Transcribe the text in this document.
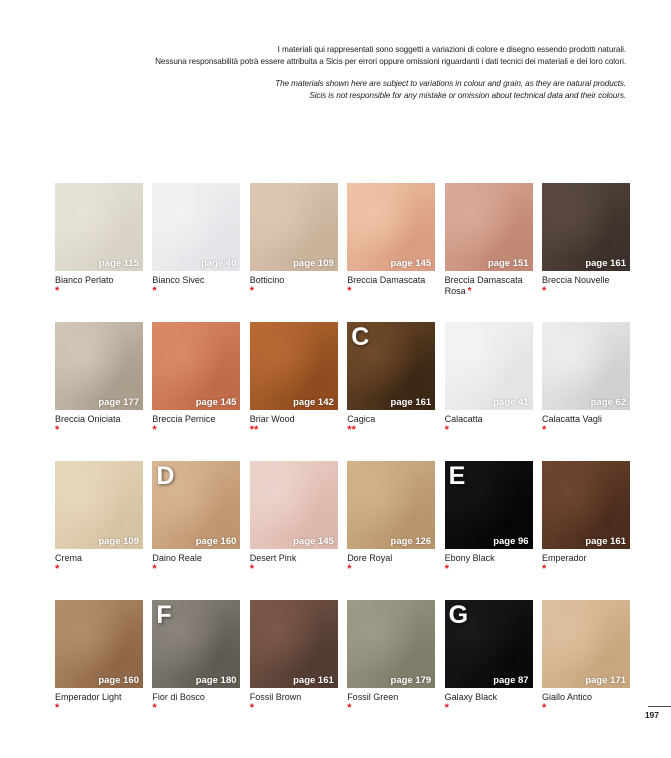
I materiali qui rappresentati sono soggetti a variazioni di colore e disegno essendo prodotti naturali.
Nessuna responsabilità potrà essere attribuita a Sicis per errori oppure omissioni riguardanti i dati tecnici dei materiali e dei loro colori.
The materials shown here are subject to variations in colour and grain, as they are natural products.
Sicis is not responsible for any mistake or omission about technical data and their colours.
page 115
Bianco Perlato
*
page 40
Bianco Sivec
*
page 109
Botticino
*
page 145
Breccia Damascata
*
page 151
Breccia Damascata
Rosa *
page 161
Breccia Nouvelle
*
page 177
Breccia Oniciata
*
page 145
Breccia Pernice
*
page 142
Briar Wood
**
C
page 161
Cagica
**
page 41
Calacatta
*
page 62
Calacatta Vagli
*
page 109
Crema
*
D
page 160
Daino Reale
*
page 145
Desert Pink
*
page 126
Dore Royal
*
E
page 96
Ebony Black
*
page 161
Emperador
*
page 160
Emperador Light
*
F
page 180
Fior di Bosco
*
page 161
Fossil Brown
*
page 179
Fossil Green
*
G
page 87
Galaxy Black
*
page 171
Giallo Antico
*
197
